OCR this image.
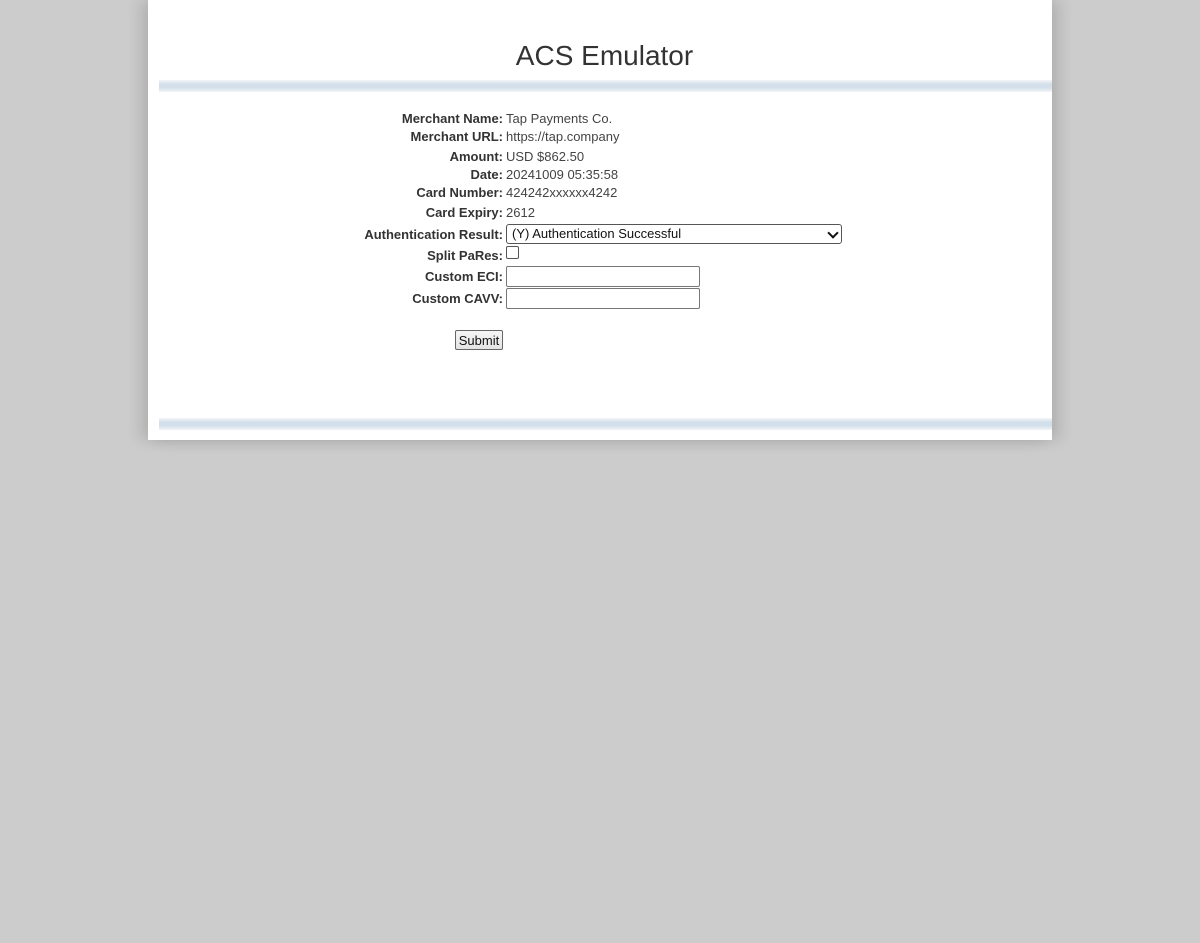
ACS Emulator
Merchant Name: Tap Payments Co.
Merchant URL: https://tap.company
Amount: USD $862.50
Date: 20241009 05:35:58
Card Number: 424242xxxxxx4242
Card Expiry: 2612
Authentication Result: (Y) Authentication Successful
Split PaRes:
Custom ECI:
Custom CAVV:
Submit
